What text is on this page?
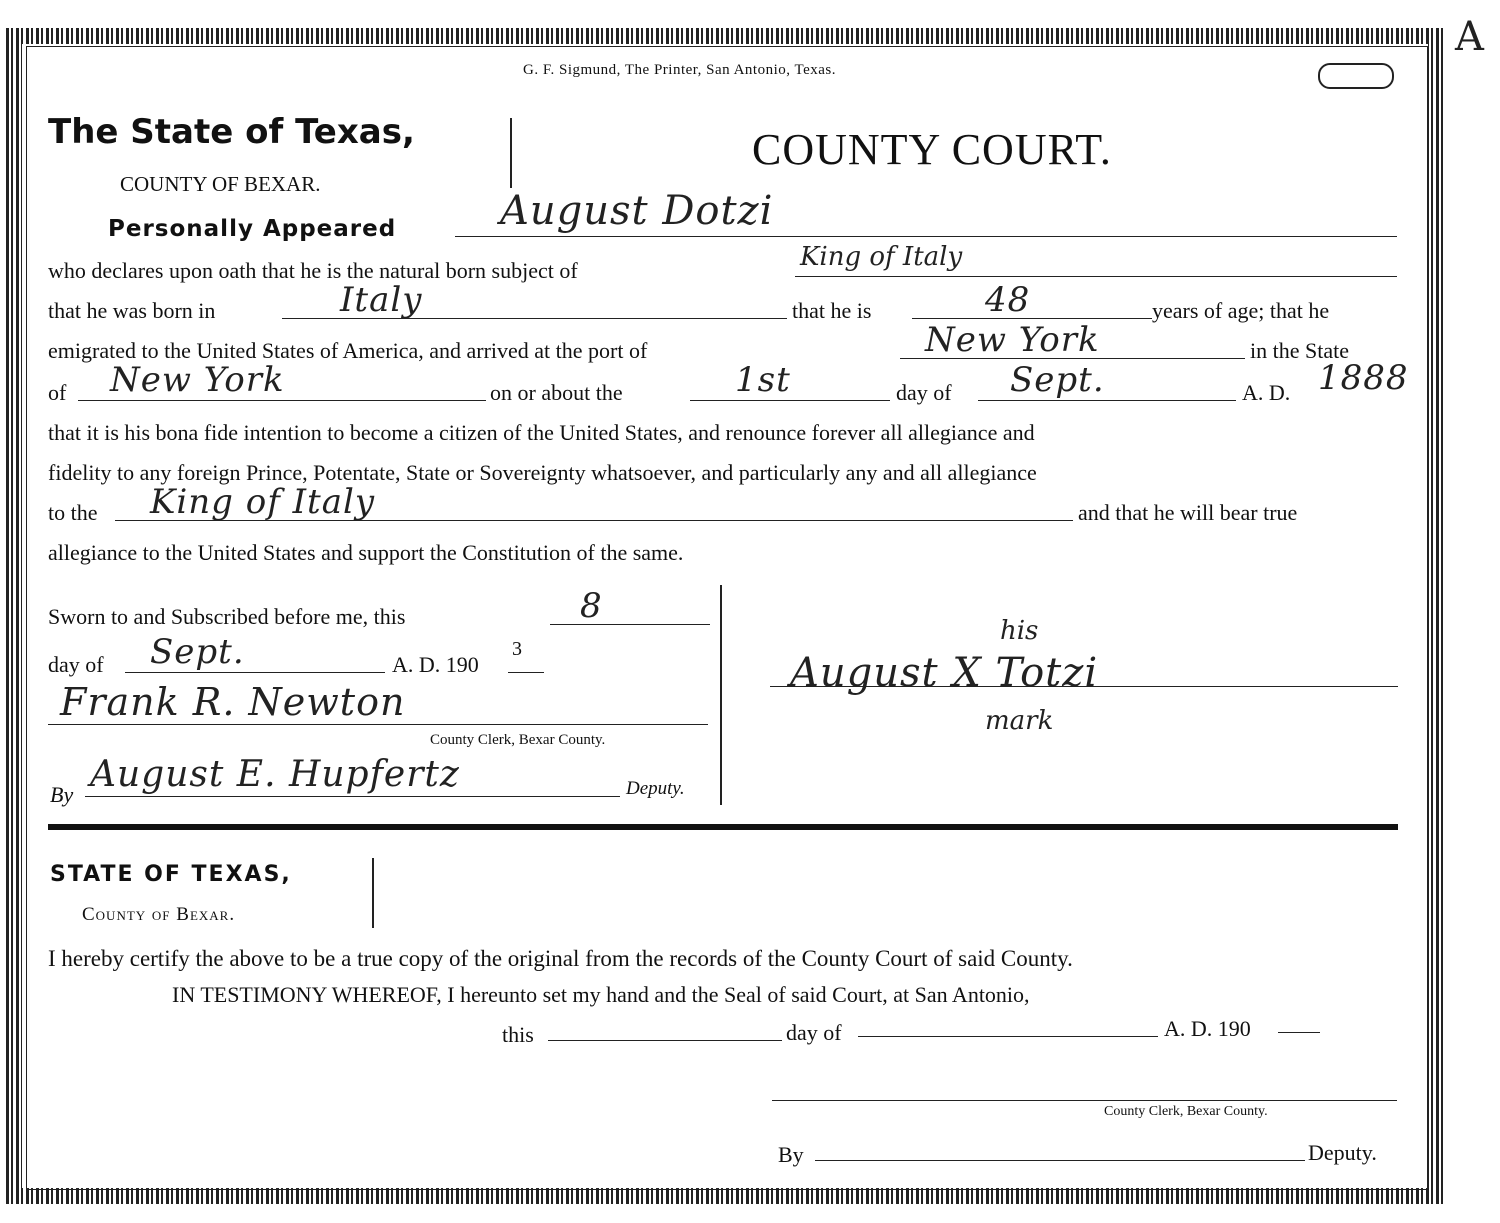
A
G. F. Sigmund, The Printer, San Antonio, Texas.
The State of Texas,	COUNTY COURT.
COUNTY OF BEXAR.
Personally Appeared	August Dotzi
who declares upon oath that he is the natural born subject of	King of Italy
that he was born in	Italy	that he is	48	years of age; that he
emigrated to the United States of America, and arrived at the port of	New York	in the State
of New York	on or about the	1st	day of Sept.	A. D. 1888
that it is his bona fide intention to become a citizen of the United States, and renounce forever all allegiance and
fidelity to any foreign Prince, Potentate, State or Sovereignty whatsoever, and particularly any and all allegiance
to the King of Italy	and that he will bear true
allegiance to the United States and support the Constitution of the same.
Sworn to and Subscribed before me, this	8
day of Sept.	A. D. 190
3
Frank R. Newton
County Clerk, Bexar County.
By August E. Hupfertz	Deputy.
his
August X Totzi
mark
STATE OF TEXAS,
County of Bexar.
I hereby certify the above to be a true copy of the original from the records of the County Court of said County.
IN TESTIMONY WHEREOF, I hereunto set my hand and the Seal of said Court, at San Antonio,
this	day of	A. D. 190
County Clerk, Bexar County.
By	Deputy.
